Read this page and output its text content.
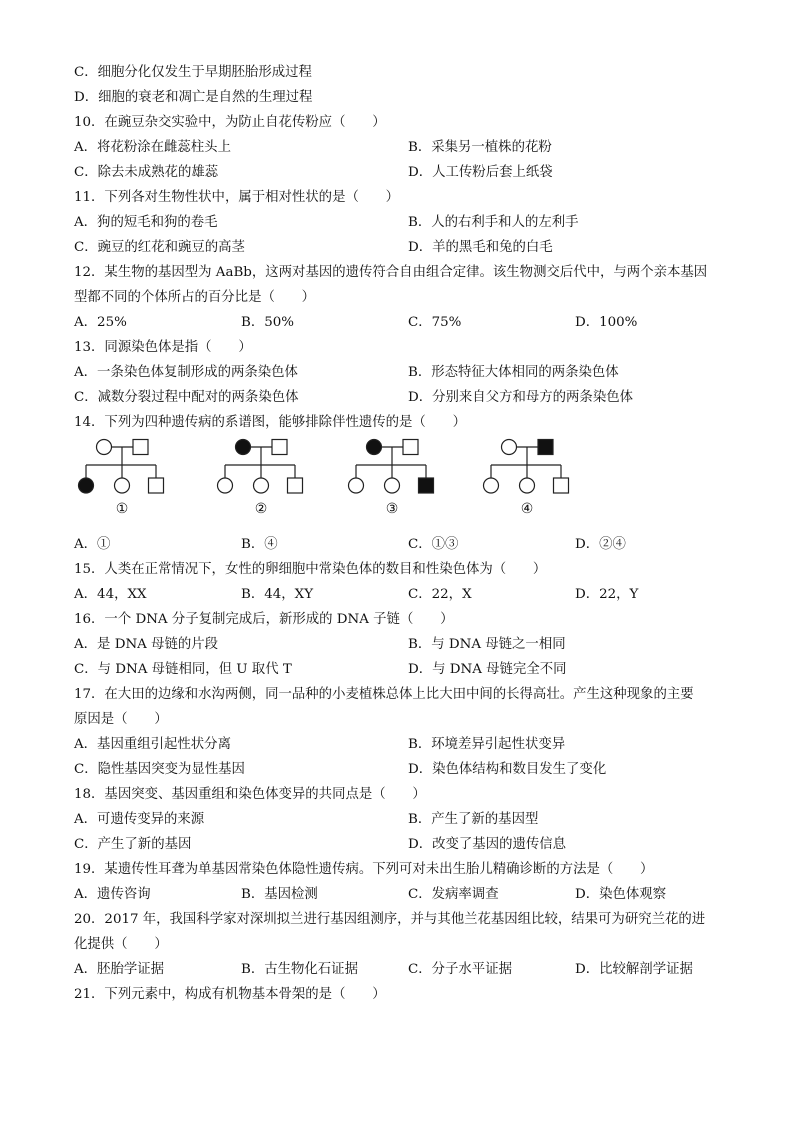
C．细胞分化仅发生于早期胚胎形成过程
D．细胞的衰老和凋亡是自然的生理过程
10．在豌豆杂交实验中，为防止自花传粉应（　　）
A．将花粉涂在雌蕊柱头上	B．采集另一植株的花粉
C．除去未成熟花的雄蕊	D．人工传粉后套上纸袋
11．下列各对生物性状中，属于相对性状的是（　　）
A．狗的短毛和狗的卷毛	B．人的右利手和人的左利手
C．豌豆的红花和豌豆的高茎	D．羊的黑毛和兔的白毛
12．某生物的基因型为 AaBb，这两对基因的遗传符合自由组合定律。该生物测交后代中，与两个亲本基因
型都不同的个体所占的百分比是（　　）
A．25%	B．50%	C．75%	D．100%
13．同源染色体是指（　　）
A．一条染色体复制形成的两条染色体	B．形态特征大体相同的两条染色体
C．减数分裂过程中配对的两条染色体	D．分别来自父方和母方的两条染色体
14．下列为四种遗传病的系谱图，能够排除伴性遗传的是（　　）
①	②	③	④
A．①	B．④	C．①③	D．②④
15．人类在正常情况下，女性的卵细胞中常染色体的数目和性染色体为（　　）
A．44，XX	B．44，XY	C．22，X	D．22，Y
16．一个 DNA 分子复制完成后，新形成的 DNA 子链（　　）
A．是 DNA 母链的片段	B．与 DNA 母链之一相同
C．与 DNA 母链相同，但 U 取代 T	D．与 DNA 母链完全不同
17．在大田的边缘和水沟两侧，同一品种的小麦植株总体上比大田中间的长得高壮。产生这种现象的主要
原因是（　　）
A．基因重组引起性状分离	B．环境差异引起性状变异
C．隐性基因突变为显性基因	D．染色体结构和数目发生了变化
18．基因突变、基因重组和染色体变异的共同点是（　　）
A．可遗传变异的来源	B．产生了新的基因型
C．产生了新的基因	D．改变了基因的遗传信息
19．某遗传性耳聋为单基因常染色体隐性遗传病。下列可对未出生胎儿精确诊断的方法是（　　）
A．遗传咨询	B．基因检测	C．发病率调查	D．染色体观察
20．2017 年，我国科学家对深圳拟兰进行基因组测序，并与其他兰花基因组比较，结果可为研究兰花的进
化提供（　　）
A．胚胎学证据	B．古生物化石证据	C．分子水平证据	D．比较解剖学证据
21．下列元素中，构成有机物基本骨架的是（　　）
